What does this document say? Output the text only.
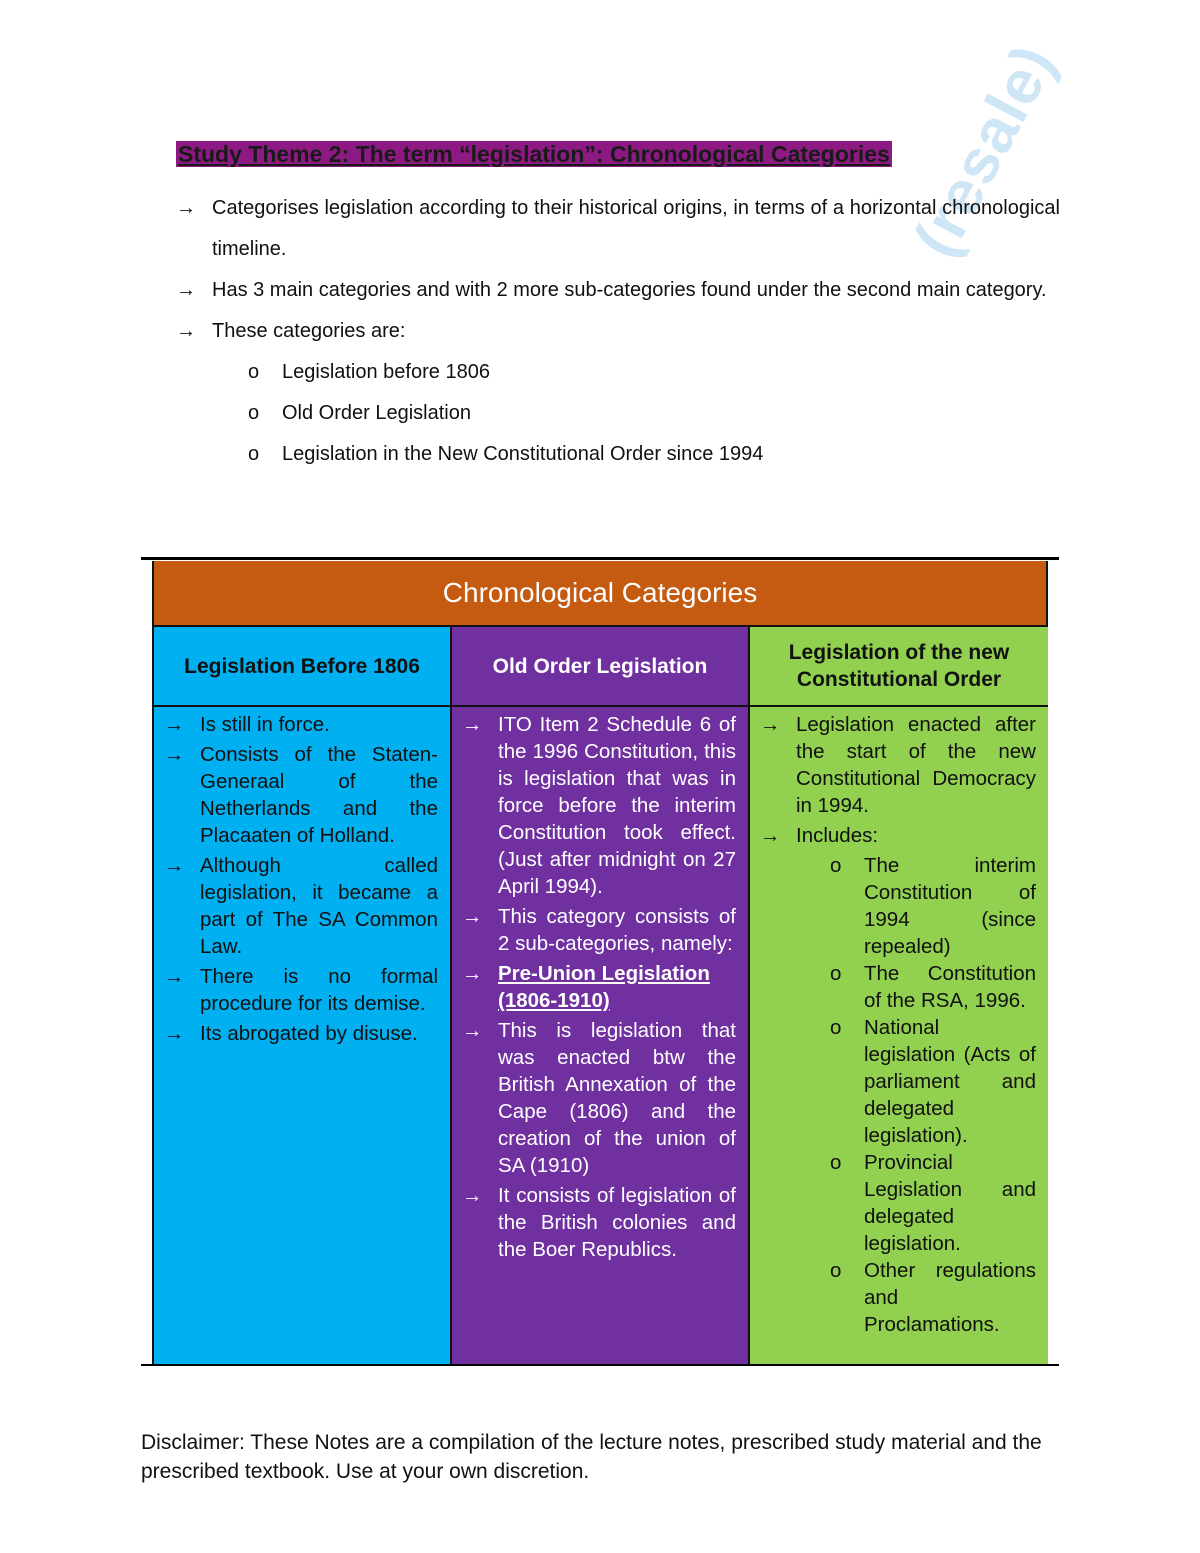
(resale)
Study Theme 2: The term “legislation”: Chronological Categories
→ Categorises legislation according to their historical origins, in terms of a horizontal chronological timeline.
→ Has 3 main categories and with 2 more sub-categories found under the second main category.
→ These categories are:
o Legislation before 1806
o Old Order Legislation
o Legislation in the New Constitutional Order since 1994
Chronological Categories
Legislation Before 1806
→ Is still in force.
→ Consists of the Staten-Generaal of the Netherlands and the Placaaten of Holland.
→ Although called legislation, it became a part of The SA Common Law.
→ There is no formal procedure for its demise.
→ Its abrogated by disuse.
Old Order Legislation
→ ITO Item 2 Schedule 6 of the 1996 Constitution, this is legislation that was in force before the interim Constitution took effect. (Just after midnight on 27 April 1994).
→ This category consists of 2 sub-categories, namely:
→ Pre-Union Legislation (1806-1910)
→ This is legislation that was enacted btw the British Annexation of the Cape (1806) and the creation of the union of SA (1910)
→ It consists of legislation of the British colonies and the Boer Republics.
Legislation of the new Constitutional Order
→ Legislation enacted after the start of the new Constitutional Democracy in 1994.
→ Includes:
o The interim Constitution of 1994 (since repealed)
o The Constitution of the RSA, 1996.
o National legislation (Acts of parliament and delegated legislation).
o Provincial Legislation and delegated legislation.
o Other regulations and Proclamations.
Disclaimer: These Notes are a compilation of the lecture notes, prescribed study material and the prescribed textbook. Use at your own discretion.
